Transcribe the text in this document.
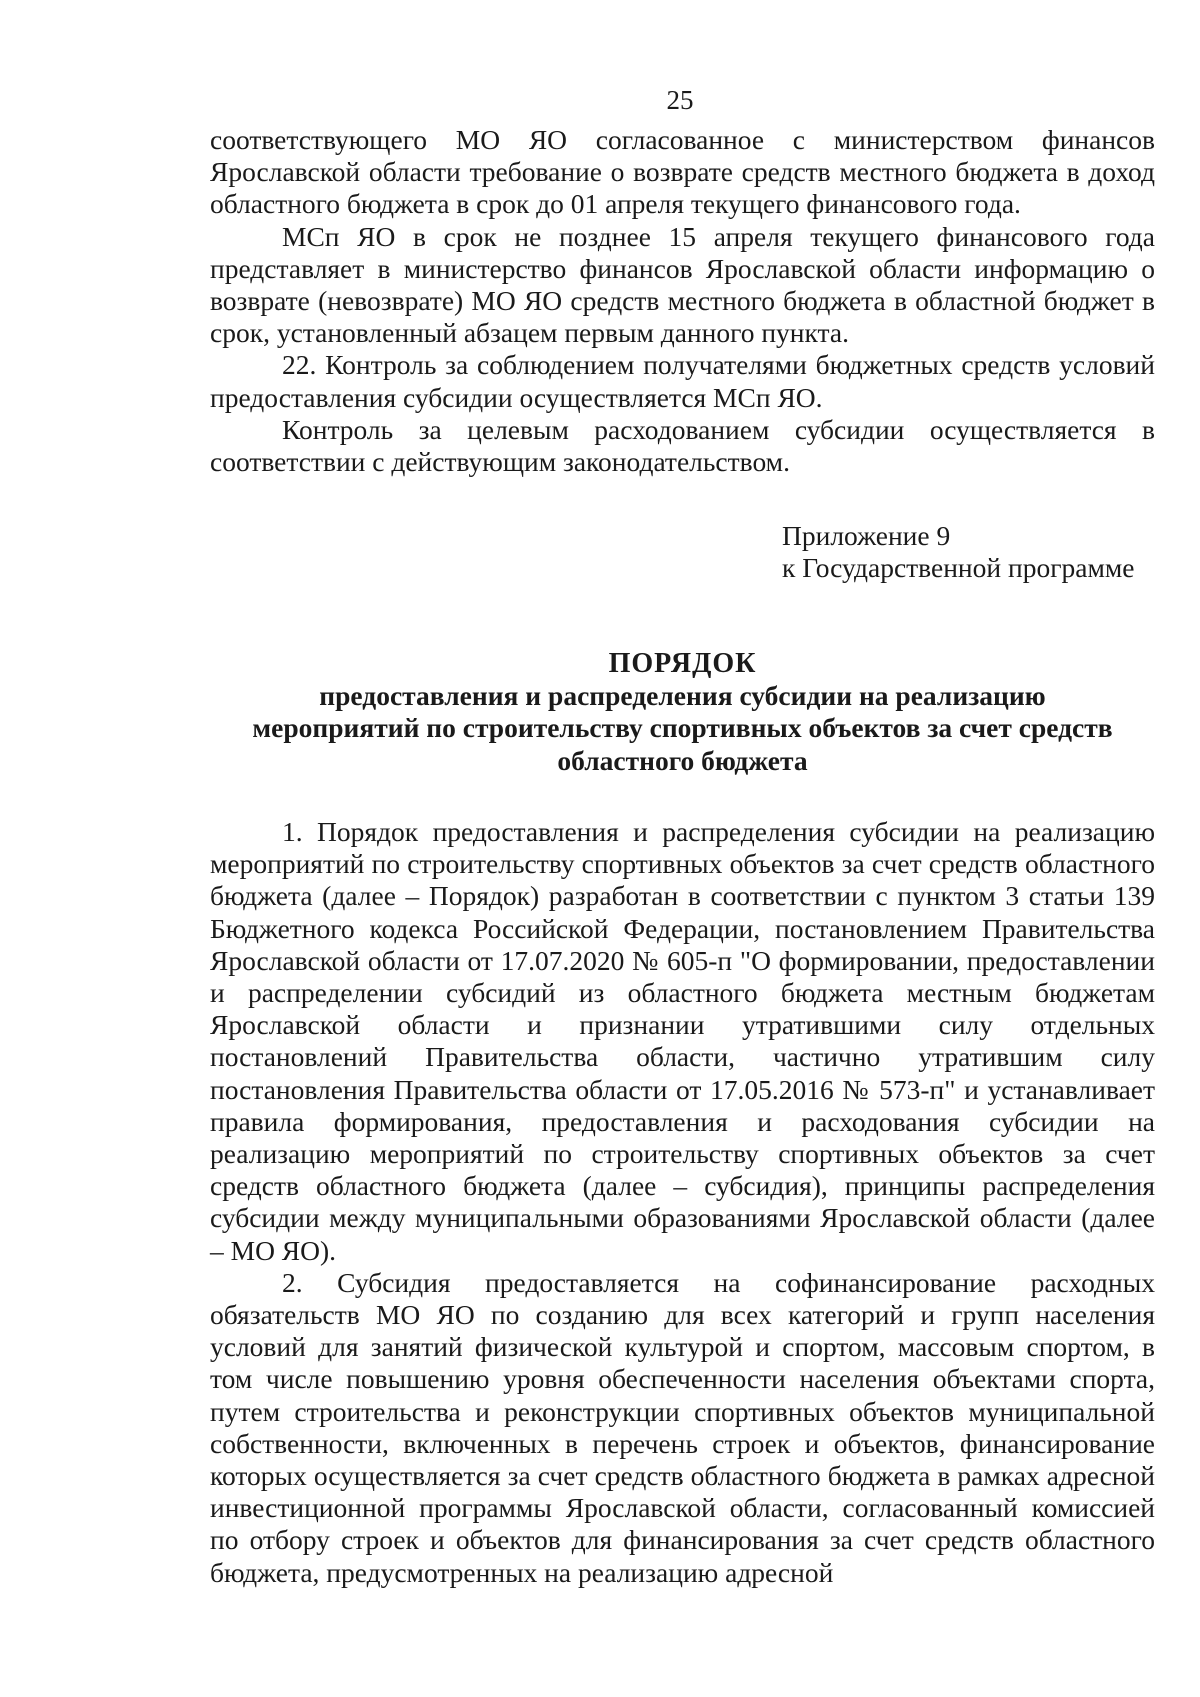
25

соответствующего МО ЯО согласованное с министерством финансов Ярославской области требование о возврате средств местного бюджета в доход областного бюджета в срок до 01 апреля текущего финансового года.

МСп ЯО в срок не позднее 15 апреля текущего финансового года представляет в министерство финансов Ярославской области информацию о возврате (невозврате) МО ЯО средств местного бюджета в областной бюджет в срок, установленный абзацем первым данного пункта.

22. Контроль за соблюдением получателями бюджетных средств условий предоставления субсидии осуществляется МСп ЯО.

Контроль за целевым расходованием субсидии осуществляется в соответствии с действующим законодательством.

Приложение 9
к Государственной программе
ПОРЯДОК
предоставления и распределения субсидии на реализацию мероприятий по строительству спортивных объектов за счет средств областного бюджета

1. Порядок предоставления и распределения субсидии на реализацию мероприятий по строительству спортивных объектов за счет средств областного бюджета (далее – Порядок) разработан в соответствии с пунктом 3 статьи 139 Бюджетного кодекса Российской Федерации, постановлением Правительства Ярославской области от 17.07.2020 № 605-п "О формировании, предоставлении и распределении субсидий из областного бюджета местным бюджетам Ярославской области и признании утратившими силу отдельных постановлений Правительства области, частично утратившим силу постановления Правительства области от 17.05.2016 № 573-п" и устанавливает правила формирования, предоставления и расходования субсидии на реализацию мероприятий по строительству спортивных объектов за счет средств областного бюджета (далее – субсидия), принципы распределения субсидии между муниципальными образованиями Ярославской области (далее – МО ЯО).

2. Субсидия предоставляется на софинансирование расходных обязательств МО ЯО по созданию для всех категорий и групп населения условий для занятий физической культурой и спортом, массовым спортом, в том числе повышению уровня обеспеченности населения объектами спорта, путем строительства и реконструкции спортивных объектов муниципальной собственности, включенных в перечень строек и объектов, финансирование которых осуществляется за счет средств областного бюджета в рамках адресной инвестиционной программы Ярославской области, согласованный комиссией по отбору строек и объектов для финансирования за счет средств областного бюджета, предусмотренных на реализацию адресной
